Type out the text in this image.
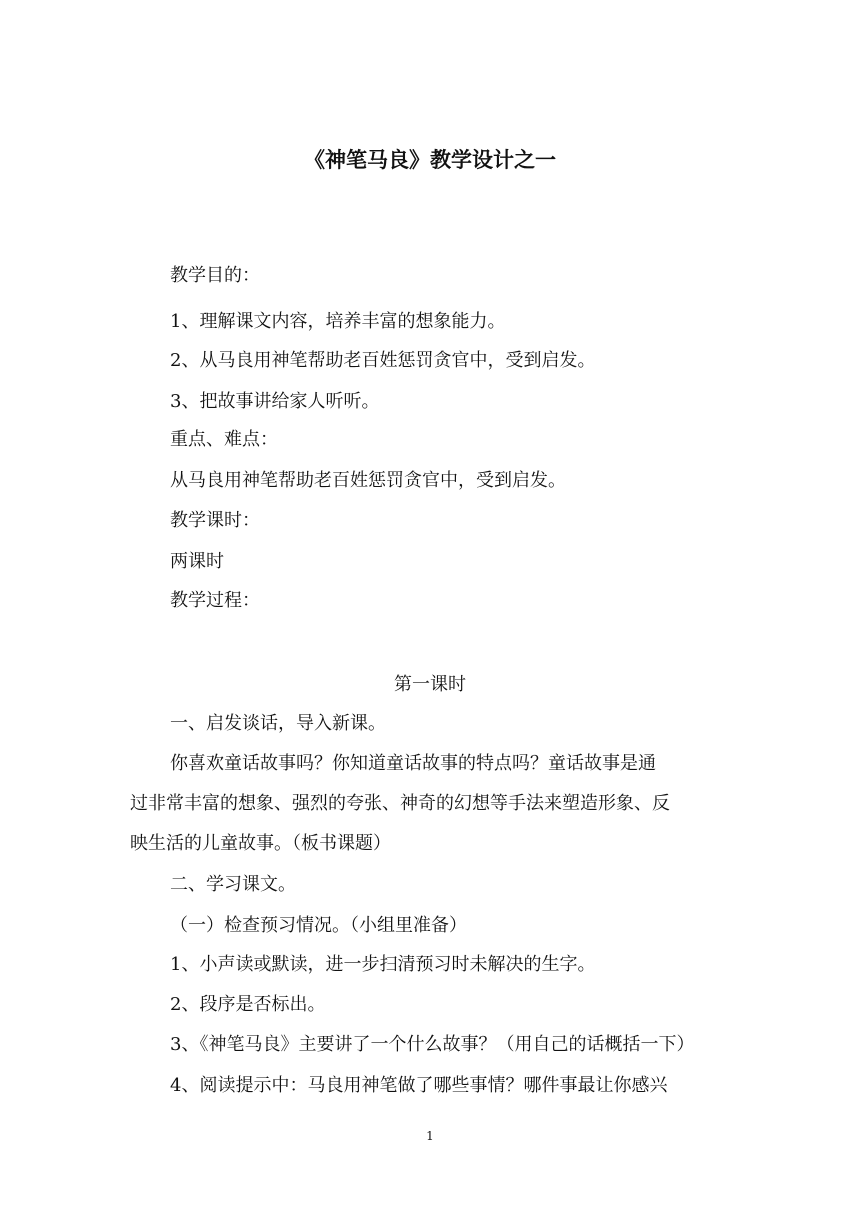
《神笔马良》教学设计之一
教学目的：
1、理解课文内容，培养丰富的想象能力。
2、从马良用神笔帮助老百姓惩罚贪官中，受到启发。
3、把故事讲给家人听听。
重点、难点：
从马良用神笔帮助老百姓惩罚贪官中，受到启发。
教学课时：
两课时
教学过程：
第一课时
一、启发谈话，导入新课。
你喜欢童话故事吗？你知道童话故事的特点吗？童话故事是通
过非常丰富的想象、强烈的夸张、神奇的幻想等手法来塑造形象、反
映生活的儿童故事。（板书课题）
二、学习课文。
（一）检查预习情况。（小组里准备）
1、小声读或默读，进一步扫清预习时未解决的生字。
2、段序是否标出。
3、《神笔马良》主要讲了一个什么故事？（用自己的话概括一下）
4、阅读提示中：马良用神笔做了哪些事情？哪件事最让你感兴
1
